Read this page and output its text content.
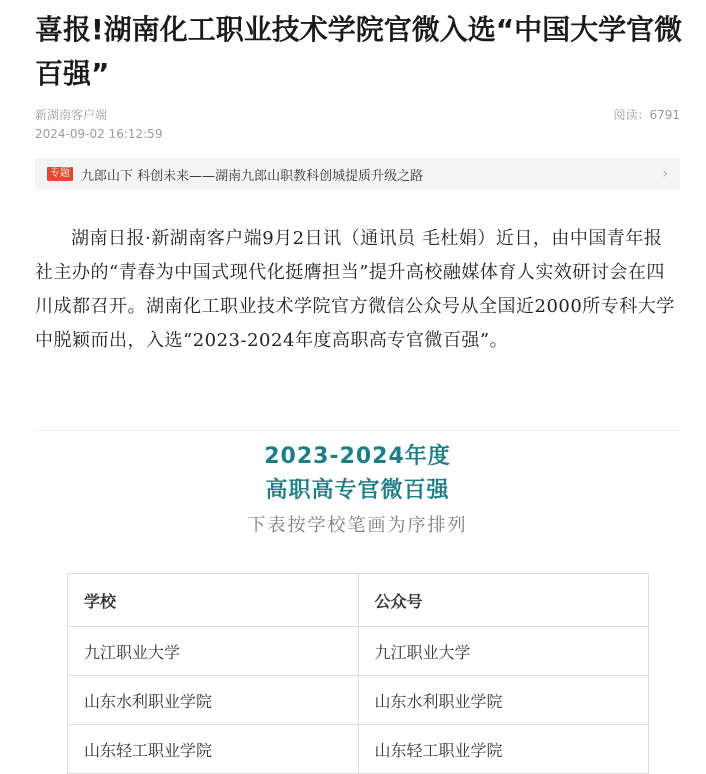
喜报!湖南化工职业技术学院官微入选“中国大学官微百强”
新湖南客户端
2024-09-02 16:12:59
阅读：6791
专题 九郎山下 科创未来——湖南九郎山职教科创城提质升级之路	›

湖南日报·新湖南客户端9月2日讯（通讯员 毛杜娟）近日，由中国青年报社主办的“青春为中国式现代化挺膺担当”提升高校融媒体育人实效研讨会在四川成都召开。湖南化工职业技术学院官方微信公众号从全国近2000所专科大学中脱颖而出，入选“2023-2024年度高职高专官微百强”。

2023-2024年度
高职高专官微百强
下表按学校笔画为序排列
学校	公众号
九江职业大学	九江职业大学
山东水利职业学院	山东水利职业学院
山东轻工职业学院	山东轻工职业学院
